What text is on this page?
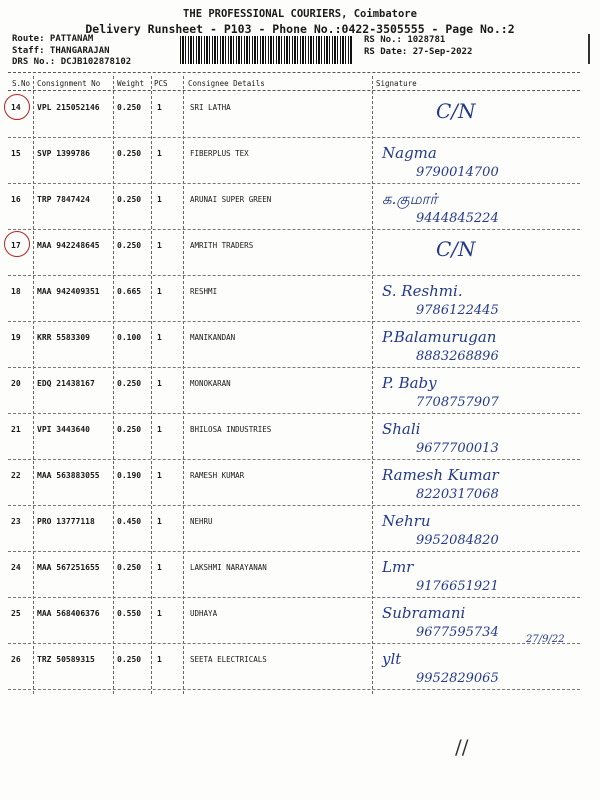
THE PROFESSIONAL COURIERS, Coimbatore
Delivery Runsheet - P103 - Phone No.:0422-3505555 - Page No.:2
Route: PATTANAM
Staff: THANGARAJAN
DRS No.: DCJB102878102
RS No.: 1028781
RS Date: 27-Sep-2022
S.No Consignment No Weight PCS	Consignee Details	Signature
14 VPL 215052146 0.250 1	SRI LATHA	C/N
15 SVP 1399786	0.250 1	FIBERPLUS TEX	Nagma
9790014700
16 TRP 7847424	0.250 1	ARUNAI SUPER GREEN	க.குமார்
9444845224
17 MAA 942248645 0.250 1	AMRITH TRADERS	C/N
18 MAA 942409351 0.665 1	RESHMI	S. Reshmi.
9786122445
19 KRR 5583309	0.100 1	MANIKANDAN	P.Balamurugan
8883268896
20 EDQ 21438167	0.250 1	MONOKARAN	P. Baby
7708757907
21 VPI 3443640	0.250 1	BHILOSA INDUSTRIES	Shali
9677700013
22 MAA 563883055 0.190 1	RAMESH KUMAR	Ramesh Kumar
8220317068
23 PRO 13777118	0.450 1	NEHRU	Nehru
9952084820
24 MAA 567251655 0.250 1	LAKSHMI NARAYANAN	Lmr
9176651921
25 MAA 568406376 0.550 1	UDHAYA	Subramani
9677595734	27/9/22
26 TRZ 50589315	0.250 1	SEETA ELECTRICALS	ylt
9952829065
//
